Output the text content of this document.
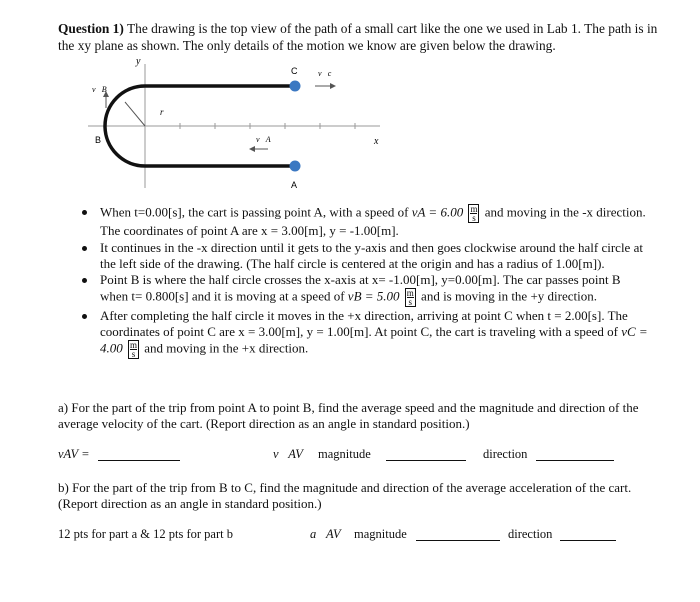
Question 1) The drawing is the top view of the path of a small cart like the one we used in Lab 1. The path is in the xy plane as shown. The only details of the motion we know are given below the drawing.
y
x
A
B
C
r
v⃗A
v⃗B
v⃗c
When t=0.00[s], the cart is passing point A, with a speed of vA = $6.00 \frac{m}{s}$ and moving in the -x direction. The coordinates of point A are x = 3.00[m], y = -1.00[m].
It continues in the -x direction until it gets to the y-axis and then goes clockwise around the half circle at the left side of the drawing. (The half circle is centered at the origin and has a radius of 1.00[m]).
Point B is where the half circle crosses the x-axis at x= -1.00[m], y=0.00[m]. The car passes point B when t= 0.800[s] and it is moving at a speed of vB = $5.00 \frac{m}{s}$ and is moving in the +y direction.
After completing the half circle it moves in the +x direction, arriving at point C when t = 2.00[s]. The coordinates of point C are x = 3.00[m], y = 1.00[m]. At point C, the cart is traveling with a speed of vC = $4.00 \frac{m}{s}$ and moving in the +x direction.
a) For the part of the trip from point A to point B, find the average speed and the magnitude and direction of the average velocity of the cart. (Report direction as an angle in standard position.)
vAV =	v⃗AV magnitude	direction
b) For the part of the trip from B to C, find the magnitude and direction of the average acceleration of the cart. (Report direction as an angle in standard position.)
12 pts for part a & 12 pts for part b	a⃗AV magnitude	direction
